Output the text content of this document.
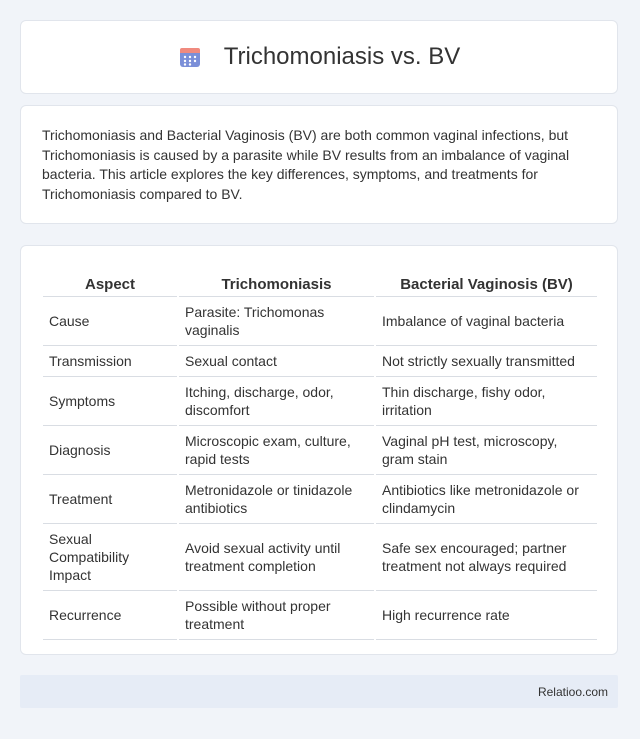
Trichomoniasis vs. BV

Trichomoniasis and Bacterial Vaginosis (BV) are both common vaginal infections, but Trichomoniasis is caused by a parasite while BV results from an imbalance of vaginal bacteria. This article explores the key differences, symptoms, and treatments for Trichomoniasis compared to BV.

Aspect	Trichomoniasis	Bacterial Vaginosis (BV)
Cause	Parasite: Trichomonas vaginalis	Imbalance of vaginal bacteria
Transmission	Sexual contact	Not strictly sexually transmitted
Symptoms	Itching, discharge, odor, discomfort	Thin discharge, fishy odor, irritation
Diagnosis	Microscopic exam, culture, rapid tests	Vaginal pH test, microscopy, gram stain
Treatment	Metronidazole or tinidazole antibiotics	Antibiotics like metronidazole or clindamycin
Sexual Compatibility Impact	Avoid sexual activity until treatment completion	Safe sex encouraged; partner treatment not always required
Recurrence	Possible without proper treatment	High recurrence rate
Relatioo.com
